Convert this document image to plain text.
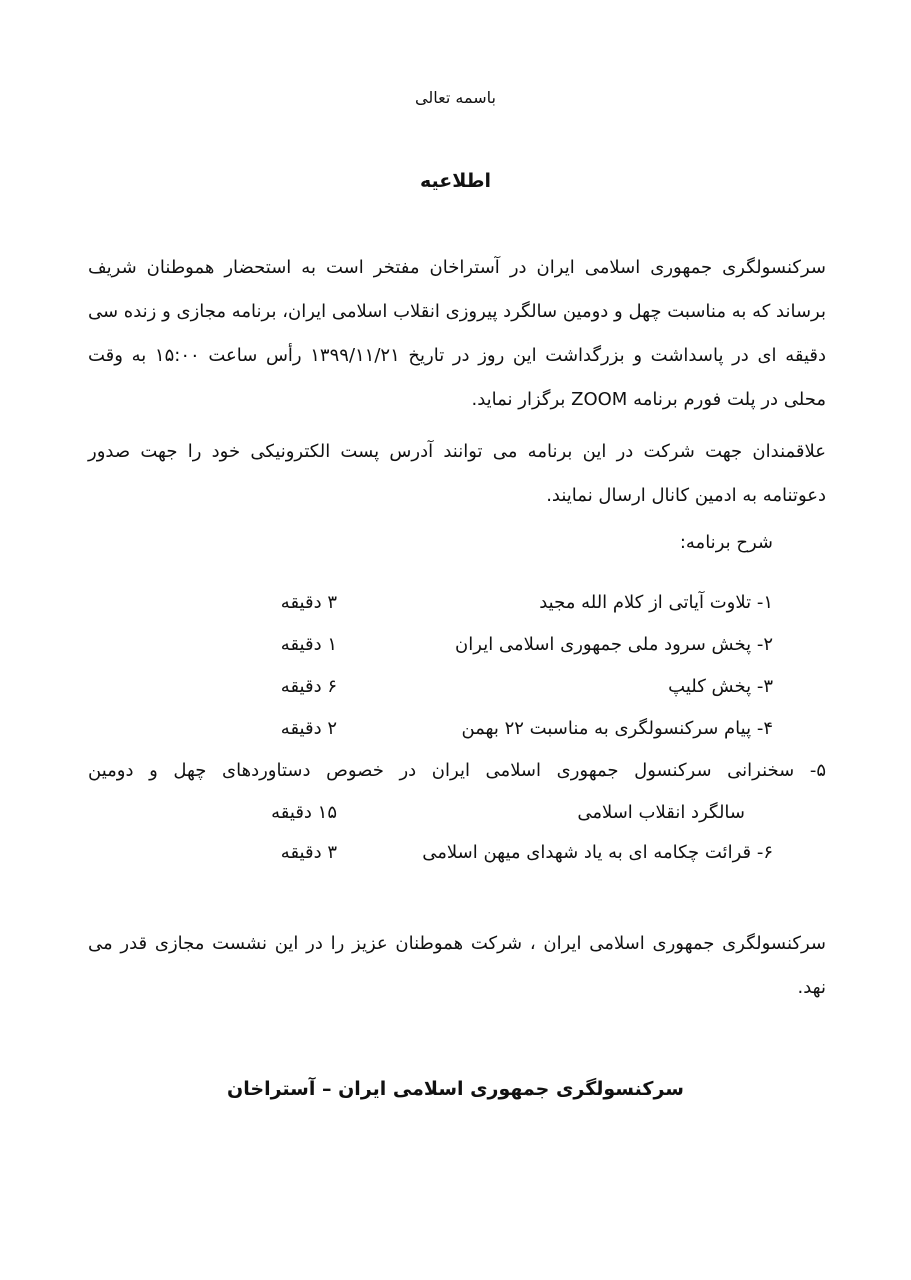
باسمه تعالی
اطلاعیه
سرکنسولگری جمهوری اسلامی ایران در آستراخان مفتخر است به استحضار هموطنان شریف برساند که به مناسبت چهل و دومین سالگرد پیروزی انقلاب اسلامی ایران، برنامه مجازی و زنده سی دقیقه ای در پاسداشت و بزرگداشت این روز در تاریخ ۱۳۹۹/۱۱/۲۱ رأس ساعت ۱۵:۰۰ به وقت محلی در پلت فورم برنامه ZOOM برگزار نماید.
علاقمندان جهت شرکت در این برنامه می توانند آدرس پست الکترونیکی خود را جهت صدور دعوتنامه به ادمین کانال ارسال نمایند.
شرح برنامه:
۱- تلاوت آیاتی از کلام الله مجید
۳ دقیقه
۲- پخش سرود ملی جمهوری اسلامی ایران
۱ دقیقه
۳- پخش کلیپ
۶ دقیقه
۴- پیام سرکنسولگری به مناسبت ۲۲ بهمن
۲ دقیقه
۵- سخنرانی سرکنسول جمهوری اسلامی ایران در خصوص دستاوردهای چهل و دومین
سالگرد انقلاب اسلامی
۱۵ دقیقه
۶- قرائت چکامه ای به یاد شهدای میهن اسلامی
۳ دقیقه
سرکنسولگری جمهوری اسلامی ایران ، شرکت هموطنان عزیز را در این نشست مجازی قدر می نهد.
سرکنسولگری جمهوری اسلامی ایران – آستراخان
